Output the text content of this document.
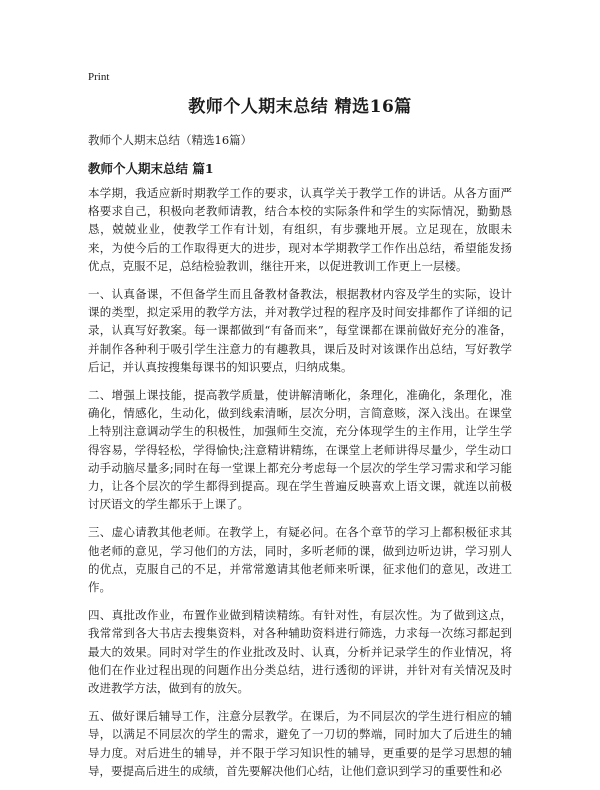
Print
教师个人期末总结 精选16篇
教师个人期末总结（精选16篇）
教师个人期末总结 篇1

本学期，我适应新时期教学工作的要求，认真学关于教学工作的讲话。从各方面严格要求自己，积极向老教师请教，结合本校的实际条件和学生的实际情况，勤勤恳恳，兢兢业业，使教学工作有计划，有组织，有步骤地开展。立足现在，放眼未来，为使今后的工作取得更大的进步，现对本学期教学工作作出总结，希望能发扬优点，克服不足，总结检验教训，继往开来，以促进教训工作更上一层楼。

一、认真备课，不但备学生而且备教材备教法，根据教材内容及学生的实际，设计课的类型，拟定采用的教学方法，并对教学过程的程序及时间安排都作了详细的记录，认真写好教案。每一课都做到“有备而来”，每堂课都在课前做好充分的准备，并制作各种利于吸引学生注意力的有趣教具，课后及时对该课作出总结，写好教学后记，并认真按搜集每课书的知识要点，归纳成集。

二、增强上课技能，提高教学质量，使讲解清晰化，条理化，准确化，条理化，准确化，情感化，生动化，做到线索清晰，层次分明，言简意赅，深入浅出。在课堂上特别注意调动学生的积极性，加强师生交流，充分体现学生的主作用，让学生学得容易，学得轻松，学得愉快;注意精讲精练，在课堂上老师讲得尽量少，学生动口动手动脑尽量多;同时在每一堂课上都充分考虑每一个层次的学生学习需求和学习能力，让各个层次的学生都得到提高。现在学生普遍反映喜欢上语文课，就连以前极讨厌语文的学生都乐于上课了。

三、虚心请教其他老师。在教学上，有疑必问。在各个章节的学习上都积极征求其他老师的意见，学习他们的方法，同时，多听老师的课，做到边听边讲，学习别人的优点，克服自己的不足，并常常邀请其他老师来听课，征求他们的意见，改进工作。

四、真批改作业，布置作业做到精读精练。有针对性，有层次性。为了做到这点，我常常到各大书店去搜集资料，对各种辅助资料进行筛选，力求每一次练习都起到最大的效果。同时对学生的作业批改及时、认真，分析并记录学生的作业情况，将他们在作业过程出现的问题作出分类总结，进行透彻的评讲，并针对有关情况及时改进教学方法，做到有的放矢。

五、做好课后辅导工作，注意分层教学。在课后，为不同层次的学生进行相应的辅导，以满足不同层次的学生的需求，避免了一刀切的弊端，同时加大了后进生的辅导力度。对后进生的辅导，并不限于学习知识性的辅导，更重要的是学习思想的辅导，要提高后进生的成绩，首先要解决他们心结，让他们意识到学习的重要性和必
